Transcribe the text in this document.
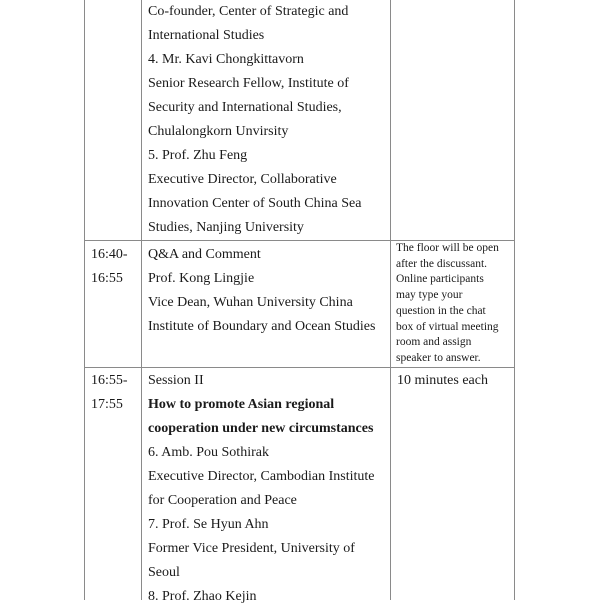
Co-founder, Center of Strategic and
International Studies
4. Mr. Kavi Chongkittavorn
Senior Research Fellow, Institute of
Security and International Studies,
Chulalongkorn Unvirsity
5. Prof. Zhu Feng
Executive Director, Collaborative
Innovation Center of South China Sea
Studies, Nanjing University
16:40-
16:55
Q&A and Comment
Prof. Kong Lingjie
Vice Dean, Wuhan University China
Institute of Boundary and Ocean Studies
The floor will be open
after the discussant.
Online participants
may type your
question in the chat
box of virtual meeting
room and assign
speaker to answer.
16:55-
17:55
Session II
How to promote Asian regional
cooperation under new circumstances
6. Amb. Pou Sothirak
Executive Director, Cambodian Institute
for Cooperation and Peace
7. Prof. Se Hyun Ahn
Former Vice President, University of
Seoul
8. Prof. Zhao Kejin
10 minutes each
